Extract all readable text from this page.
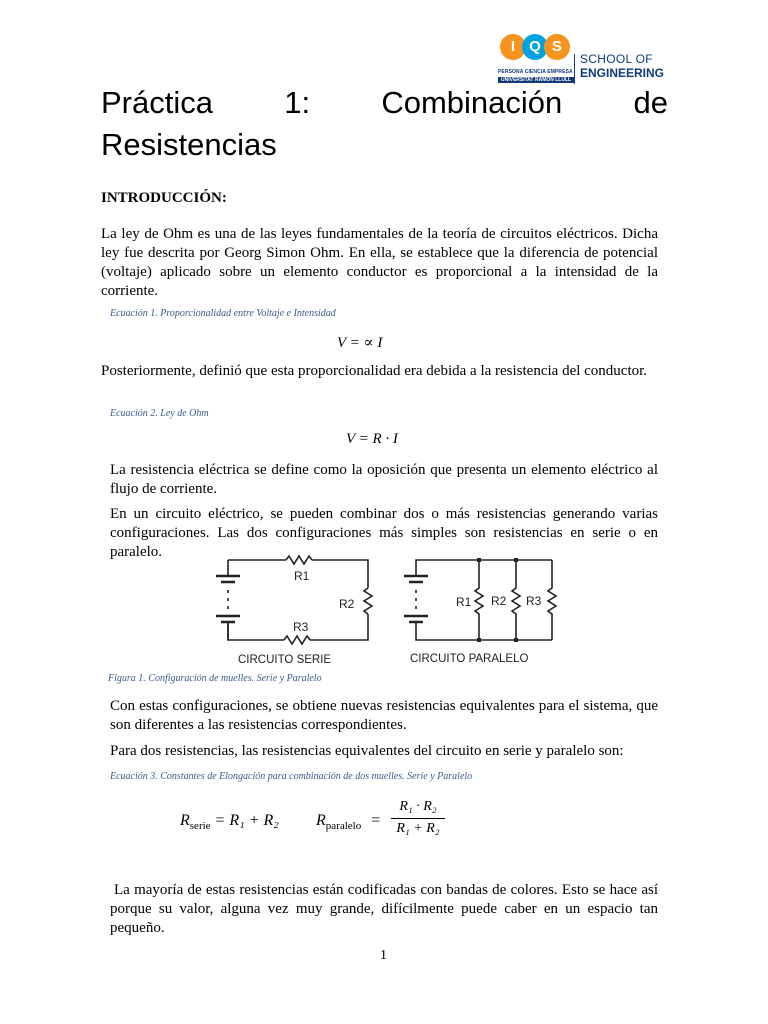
I Q S
PERSONA CIENCIA EMPRESA
UNIVERSITAT RAMON LLULL
SCHOOL OF
ENGINEERING
Práctica 1: Combinación de
Resistencias
INTRODUCCIÓN:
La ley de Ohm es una de las leyes fundamentales de la teoría de circuitos eléctricos. Dicha ley fue descrita por Georg Simon Ohm. En ella, se establece que la diferencia de potencial (voltaje) aplicado sobre un elemento conductor es proporcional a la intensidad de la corriente.
Ecuación 1. Proporcionalidad entre Voltaje e Intensidad
V = ∝ I
Posteriormente, definió que esta proporcionalidad era debida a la resistencia del conductor.
Ecuación 2. Ley de Ohm
V = R · I
La resistencia eléctrica se define como la oposición que presenta un elemento eléctrico al flujo de corriente.
En un circuito eléctrico, se pueden combinar dos o más resistencias generando varias configuraciones. Las dos configuraciones más simples son resistencias en serie o en paralelo.
R1
R2
R3
R1 R2 R3
CIRCUITO SERIE	CIRCUITO PARALELO
Figura 1. Configuración de muelles. Serie y Paralelo
Con estas configuraciones, se obtiene nuevas resistencias equivalentes para el sistema, que son diferentes a las resistencias correspondientes.
Para dos resistencias, las resistencias equivalentes del circuito en serie y paralelo son:
Ecuación 3. Constantes de Elongación para combinación de dos muelles. Serie y Paralelo
$R_{serie} = R_1 + R_2$ $R_{paralelo}$ =
R₁ · R₂
R₁ + R₂
La mayoría de estas resistencias están codificadas con bandas de colores. Esto se hace así porque su valor, alguna vez muy grande, difícilmente puede caber en un espacio tan pequeño.
1
